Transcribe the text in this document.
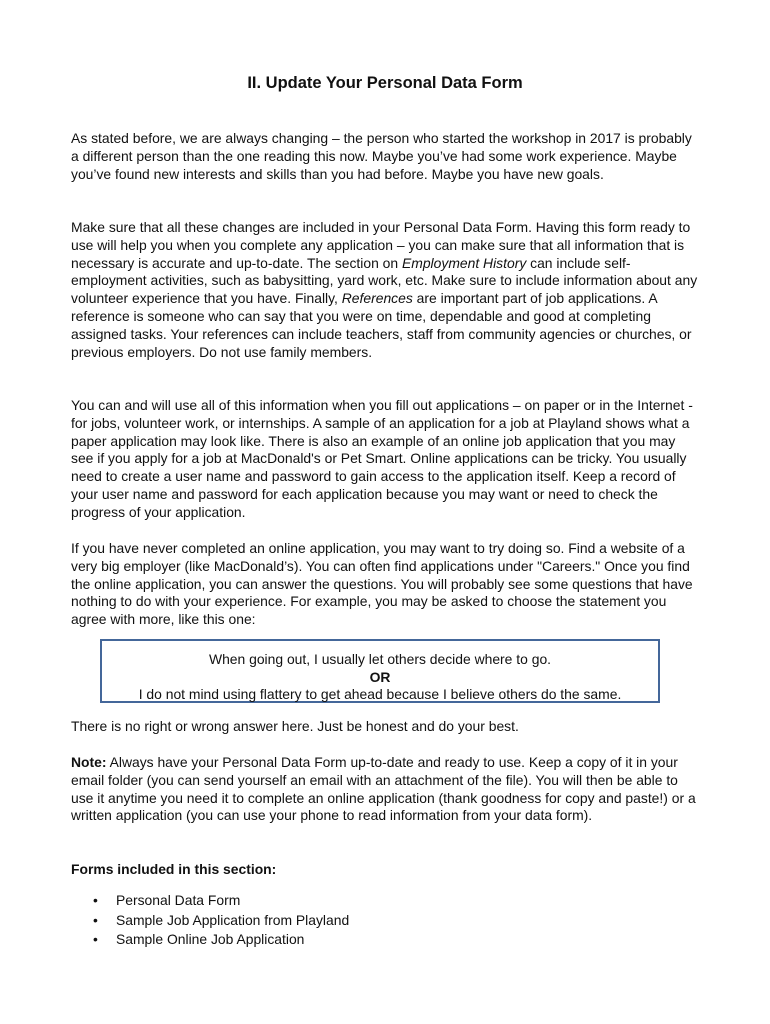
II. Update Your Personal Data Form

As stated before, we are always changing – the person who started the workshop in 2017 is probably a different person than the one reading this now. Maybe you’ve had some work experience. Maybe you’ve found new interests and skills than you had before. Maybe you have new goals.

Make sure that all these changes are included in your Personal Data Form. Having this form ready to use will help you when you complete any application – you can make sure that all information that is necessary is accurate and up-to-date. The section on Employment History can include self-employment activities, such as babysitting, yard work, etc. Make sure to include information about any volunteer experience that you have. Finally, References are important part of job applications. A reference is someone who can say that you were on time, dependable and good at completing assigned tasks. Your references can include teachers, staff from community agencies or churches, or previous employers. Do not use family members.

You can and will use all of this information when you fill out applications – on paper or in the Internet - for jobs, volunteer work, or internships. A sample of an application for a job at Playland shows what a paper application may look like. There is also an example of an online job application that you may see if you apply for a job at MacDonald's or Pet Smart. Online applications can be tricky. You usually need to create a user name and password to gain access to the application itself. Keep a record of your user name and password for each application because you may want or need to check the progress of your application.

If you have never completed an online application, you may want to try doing so. Find a website of a very big employer (like MacDonald’s). You can often find applications under "Careers." Once you find the online application, you can answer the questions. You will probably see some questions that have nothing to do with your experience. For example, you may be asked to choose the statement you agree with more, like this one:

When going out, I usually let others decide where to go.
OR
I do not mind using flattery to get ahead because I believe others do the same.

There is no right or wrong answer here. Just be honest and do your best.

Note: Always have your Personal Data Form up-to-date and ready to use. Keep a copy of it in your email folder (you can send yourself an email with an attachment of the file). You will then be able to use it anytime you need it to complete an online application (thank goodness for copy and paste!) or a written application (you can use your phone to read information from your data form).

Forms included in this section:

• Personal Data Form
• Sample Job Application from Playland
• Sample Online Job Application
